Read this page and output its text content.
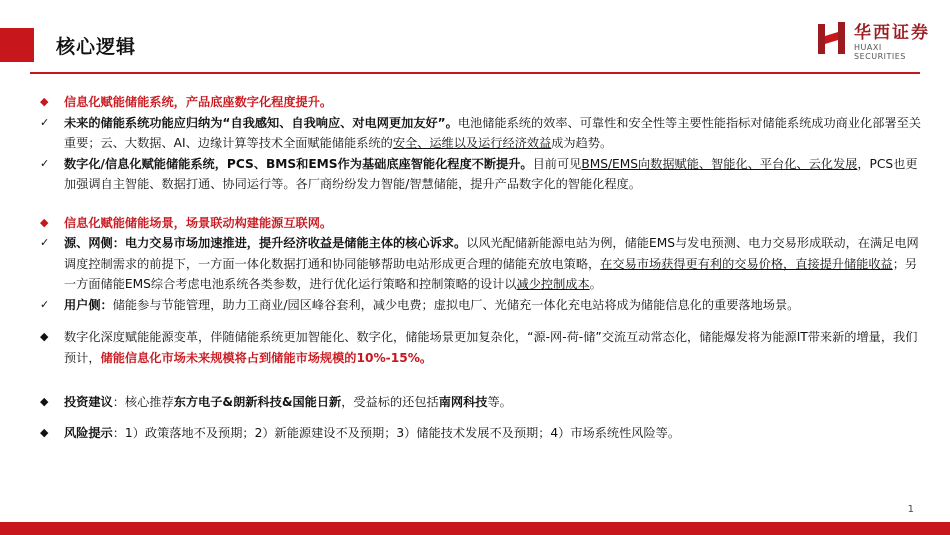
核心逻辑
华西证券
HUAXI SECURITIES
◆	信息化赋能储能系统，产品底座数字化程度提升。
✓	未来的储能系统功能应归纳为“自我感知、自我响应、对电网更加友好”。电池储能系统的效率、可靠性和安全性等主要性能指标对储能系统成功商业化部署至关重要；云、大数据、AI、边缘计算等技术全面赋能储能系统的安全、运维以及运行经济效益成为趋势。
✓	数字化/信息化赋能储能系统，PCS、BMS和EMS作为基础底座智能化程度不断提升。目前可见BMS/EMS向数据赋能、智能化、平台化、云化发展，PCS也更加强调自主智能、数据打通、协同运行等。各厂商纷纷发力智能/智慧储能，提升产品数字化的智能化程度。
◆	信息化赋能储能场景，场景联动构建能源互联网。
✓	源、网侧：电力交易市场加速推进，提升经济收益是储能主体的核心诉求。以风光配储新能源电站为例，储能EMS与发电预测、电力交易形成联动，在满足电网调度控制需求的前提下，一方面一体化数据打通和协同能够帮助电站形成更合理的储能充放电策略，在交易市场获得更有利的交易价格，直接提升储能收益；另一方面储能EMS综合考虑电池系统各类参数，进行优化运行策略和控制策略的设计以减少控制成本。
✓	用户侧：储能参与节能管理，助力工商业/园区峰谷套利，减少电费；虚拟电厂、光储充一体化充电站将成为储能信息化的重要落地场景。
◆	数字化深度赋能能源变革，伴随储能系统更加智能化、数字化，储能场景更加复杂化，“源-网-荷-储”交流互动常态化，储能爆发将为能源IT带来新的增量，我们预计，储能信息化市场未来规模将占到储能市场规模的10%-15%。
◆	投资建议：核心推荐东方电子&朗新科技&国能日新，受益标的还包括南网科技等。
◆	风险提示：1）政策落地不及预期；2）新能源建设不及预期；3）储能技术发展不及预期；4）市场系统性风险等。
1
